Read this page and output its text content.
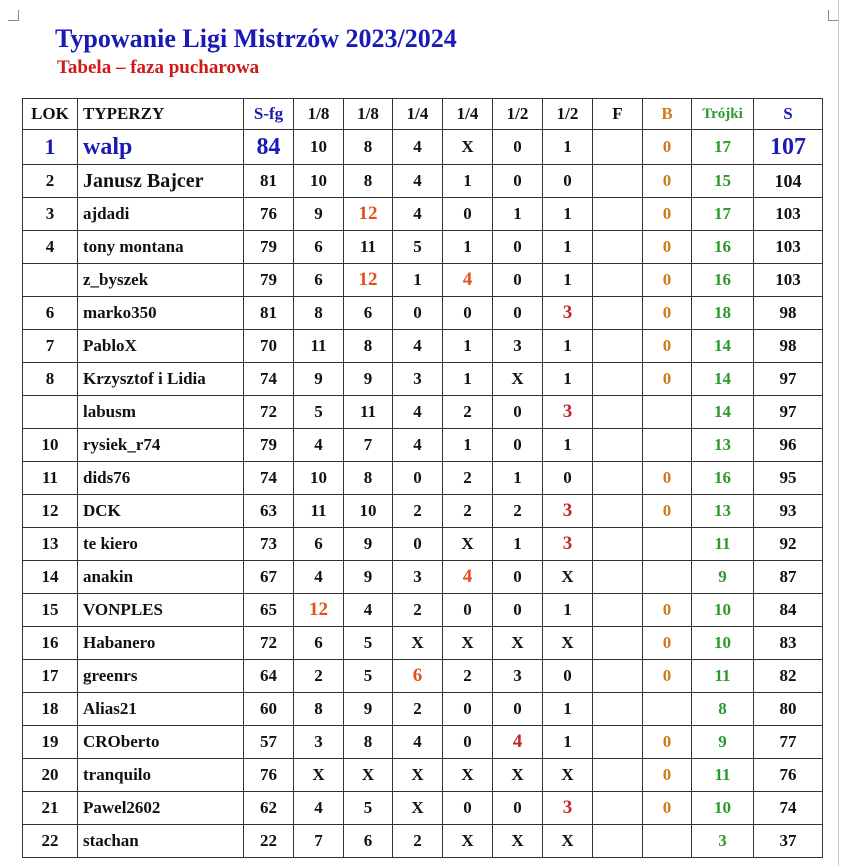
Typowanie Ligi Mistrzów 2023/2024
Tabela – faza pucharowa
LOK	TYPERZY	S-fg	1/8	1/8	1/4	1/4	1/2	1/2	F	B	Trójki	S
1	walp	84	10	8	4	X	0	1		0	17	107
2	Janusz Bajcer	81	10	8	4	1	0	0		0	15	104
3	ajdadi	76	9	12	4	0	1	1		0	17	103
4	tony montana	79	6	11	5	1	0	1		0	16	103
	z_byszek	79	6	12	1	4	0	1		0	16	103
6	marko350	81	8	6	0	0	0	3		0	18	98
7	PabloX	70	11	8	4	1	3	1		0	14	98
8	Krzysztof i Lidia	74	9	9	3	1	X	1		0	14	97
	labusm	72	5	11	4	2	0	3			14	97
10	rysiek_r74	79	4	7	4	1	0	1			13	96
11	dids76	74	10	8	0	2	1	0		0	16	95
12	DCK	63	11	10	2	2	2	3		0	13	93
13	te kiero	73	6	9	0	X	1	3			11	92
14	anakin	67	4	9	3	4	0	X			9	87
15	VONPLES	65	12	4	2	0	0	1		0	10	84
16	Habanero	72	6	5	X	X	X	X		0	10	83
17	greenrs	64	2	5	6	2	3	0		0	11	82
18	Alias21	60	8	9	2	0	0	1			8	80
19	CROberto	57	3	8	4	0	4	1		0	9	77
20	tranquilo	76	X	X	X	X	X	X		0	11	76
21	Pawel2602	62	4	5	X	0	0	3		0	10	74
22	stachan	22	7	6	2	X	X	X			3	37
